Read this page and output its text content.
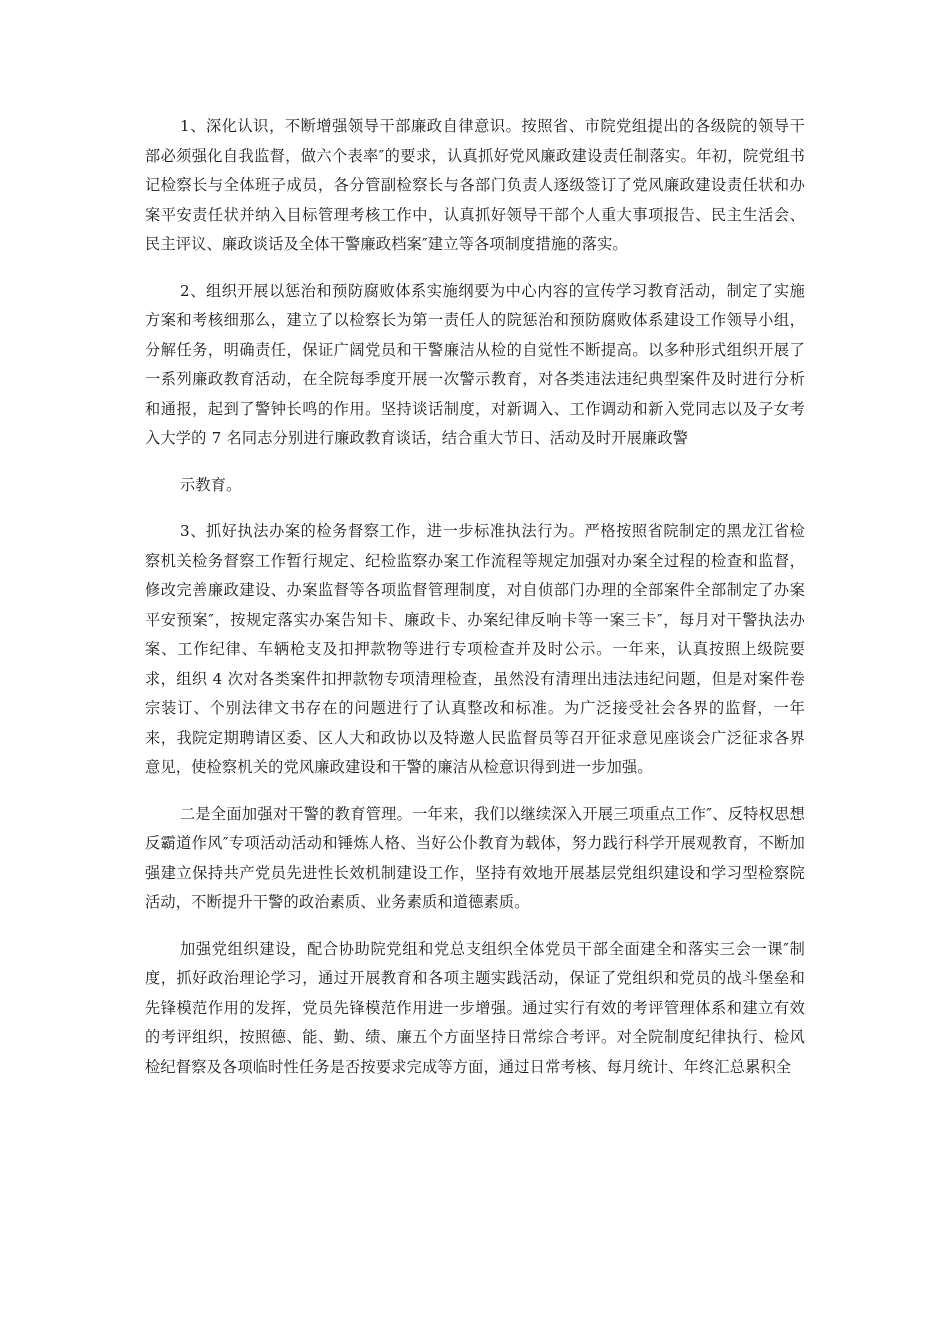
1、深化认识，不断增强领导干部廉政自律意识。按照省、市院党组提出的各级院的领导干部必须强化自我监督，做六个表率″的要求，认真抓好党风廉政建设责任制落实。年初，院党组书记检察长与全体班子成员，各分管副检察长与各部门负责人逐级签订了党风廉政建设责任状和办案平安责任状并纳入目标管理考核工作中，认真抓好领导干部个人重大事项报告、民主生活会、民主评议、廉政谈话及全体干警廉政档案″建立等各项制度措施的落实。

2、组织开展以惩治和预防腐败体系实施纲要为中心内容的宣传学习教育活动，制定了实施方案和考核细那么，建立了以检察长为第一责任人的院惩治和预防腐败体系建设工作领导小组，分解任务，明确责任，保证广阔党员和干警廉洁从检的自觉性不断提高。以多种形式组织开展了一系列廉政教育活动，在全院每季度开展一次警示教育，对各类违法违纪典型案件及时进行分析和通报，起到了警钟长鸣的作用。坚持谈话制度，对新调入、工作调动和新入党同志以及子女考入大学的 7 名同志分别进行廉政教育谈话，结合重大节日、活动及时开展廉政警

示教育。

3、抓好执法办案的检务督察工作，进一步标准执法行为。严格按照省院制定的黑龙江省检察机关检务督察工作暂行规定、纪检监察办案工作流程等规定加强对办案全过程的检查和监督，修改完善廉政建设、办案监督等各项监督管理制度，对自侦部门办理的全部案件全部制定了办案平安预案″，按规定落实办案告知卡、廉政卡、办案纪律反响卡等一案三卡″，每月对干警执法办案、工作纪律、车辆枪支及扣押款物等进行专项检查并及时公示。一年来，认真按照上级院要求，组织 4 次对各类案件扣押款物专项清理检查，虽然没有清理出违法违纪问题，但是对案件卷宗装订、个别法律文书存在的问题进行了认真整改和标准。为广泛接受社会各界的监督，一年来，我院定期聘请区委、区人大和政协以及特邀人民监督员等召开征求意见座谈会广泛征求各界意见，使检察机关的党风廉政建设和干警的廉洁从检意识得到进一步加强。

二是全面加强对干警的教育管理。一年来，我们以继续深入开展三项重点工作″、反特权思想反霸道作风″专项活动活动和锤炼人格、当好公仆教育为载体，努力践行科学开展观教育，不断加强建立保持共产党员先进性长效机制建设工作，坚持有效地开展基层党组织建设和学习型检察院活动，不断提升干警的政治素质、业务素质和道德素质。

加强党组织建设，配合协助院党组和党总支组织全体党员干部全面建全和落实三会一课″制度，抓好政治理论学习，通过开展教育和各项主题实践活动，保证了党组织和党员的战斗堡垒和先锋模范作用的发挥，党员先锋模范作用进一步增强。通过实行有效的考评管理体系和建立有效的考评组织，按照德、能、勤、绩、廉五个方面坚持日常综合考评。对全院制度纪律执行、检风检纪督察及各项临时性任务是否按要求完成等方面，通过日常考核、每月统计、年终汇总累积全
